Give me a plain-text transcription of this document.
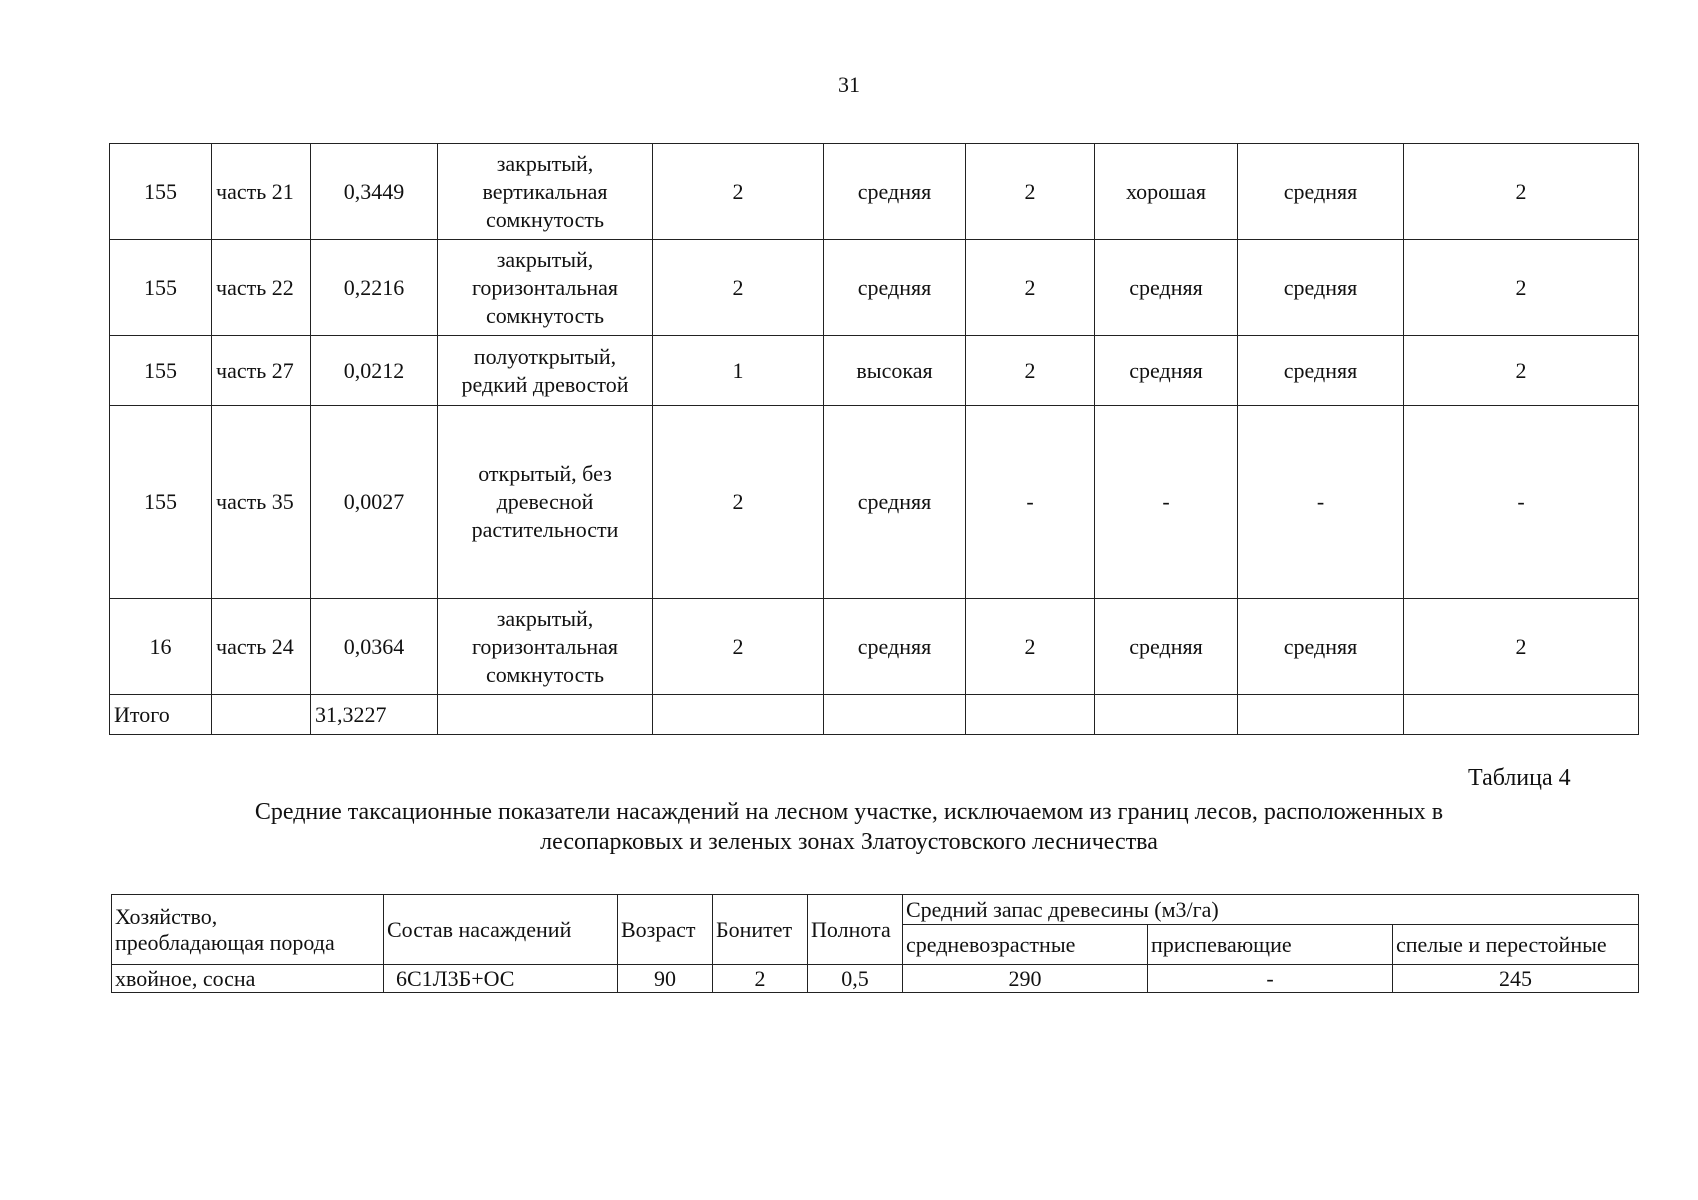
31
155	часть 21	0,3449	закрытый,
вертикальная
сомкнутость	2	средняя	2	хорошая	средняя	2
155	часть 22	0,2216	закрытый,
горизонтальная
сомкнутость	2	средняя	2	средняя	средняя	2
155	часть 27	0,0212	полуоткрытый,
редкий древостой	1	высокая	2	средняя	средняя	2
155	часть 35	0,0027	открытый, без
древесной
растительности	2	средняя	-	-	-	-
16	часть 24	0,0364	закрытый,
горизонтальная
сомкнутость	2	средняя	2	средняя	средняя	2
Итого		31,3227							
Таблица 4
Средние таксационные показатели насаждений на лесном участке, исключаемом из границ лесов, расположенных в
лесопарковых и зеленых зонах Златоустовского лесничества
Хозяйство,
преобладающая порода	Состав насаждений	Возраст	Бонитет	Полнота	Средний запас древесины (м3/га)		
					средневозрастные	приспевающие	спелые и перестойные
хвойное, сосна	6С1Л3Б+ОС	90	2	0,5	290	-	245
